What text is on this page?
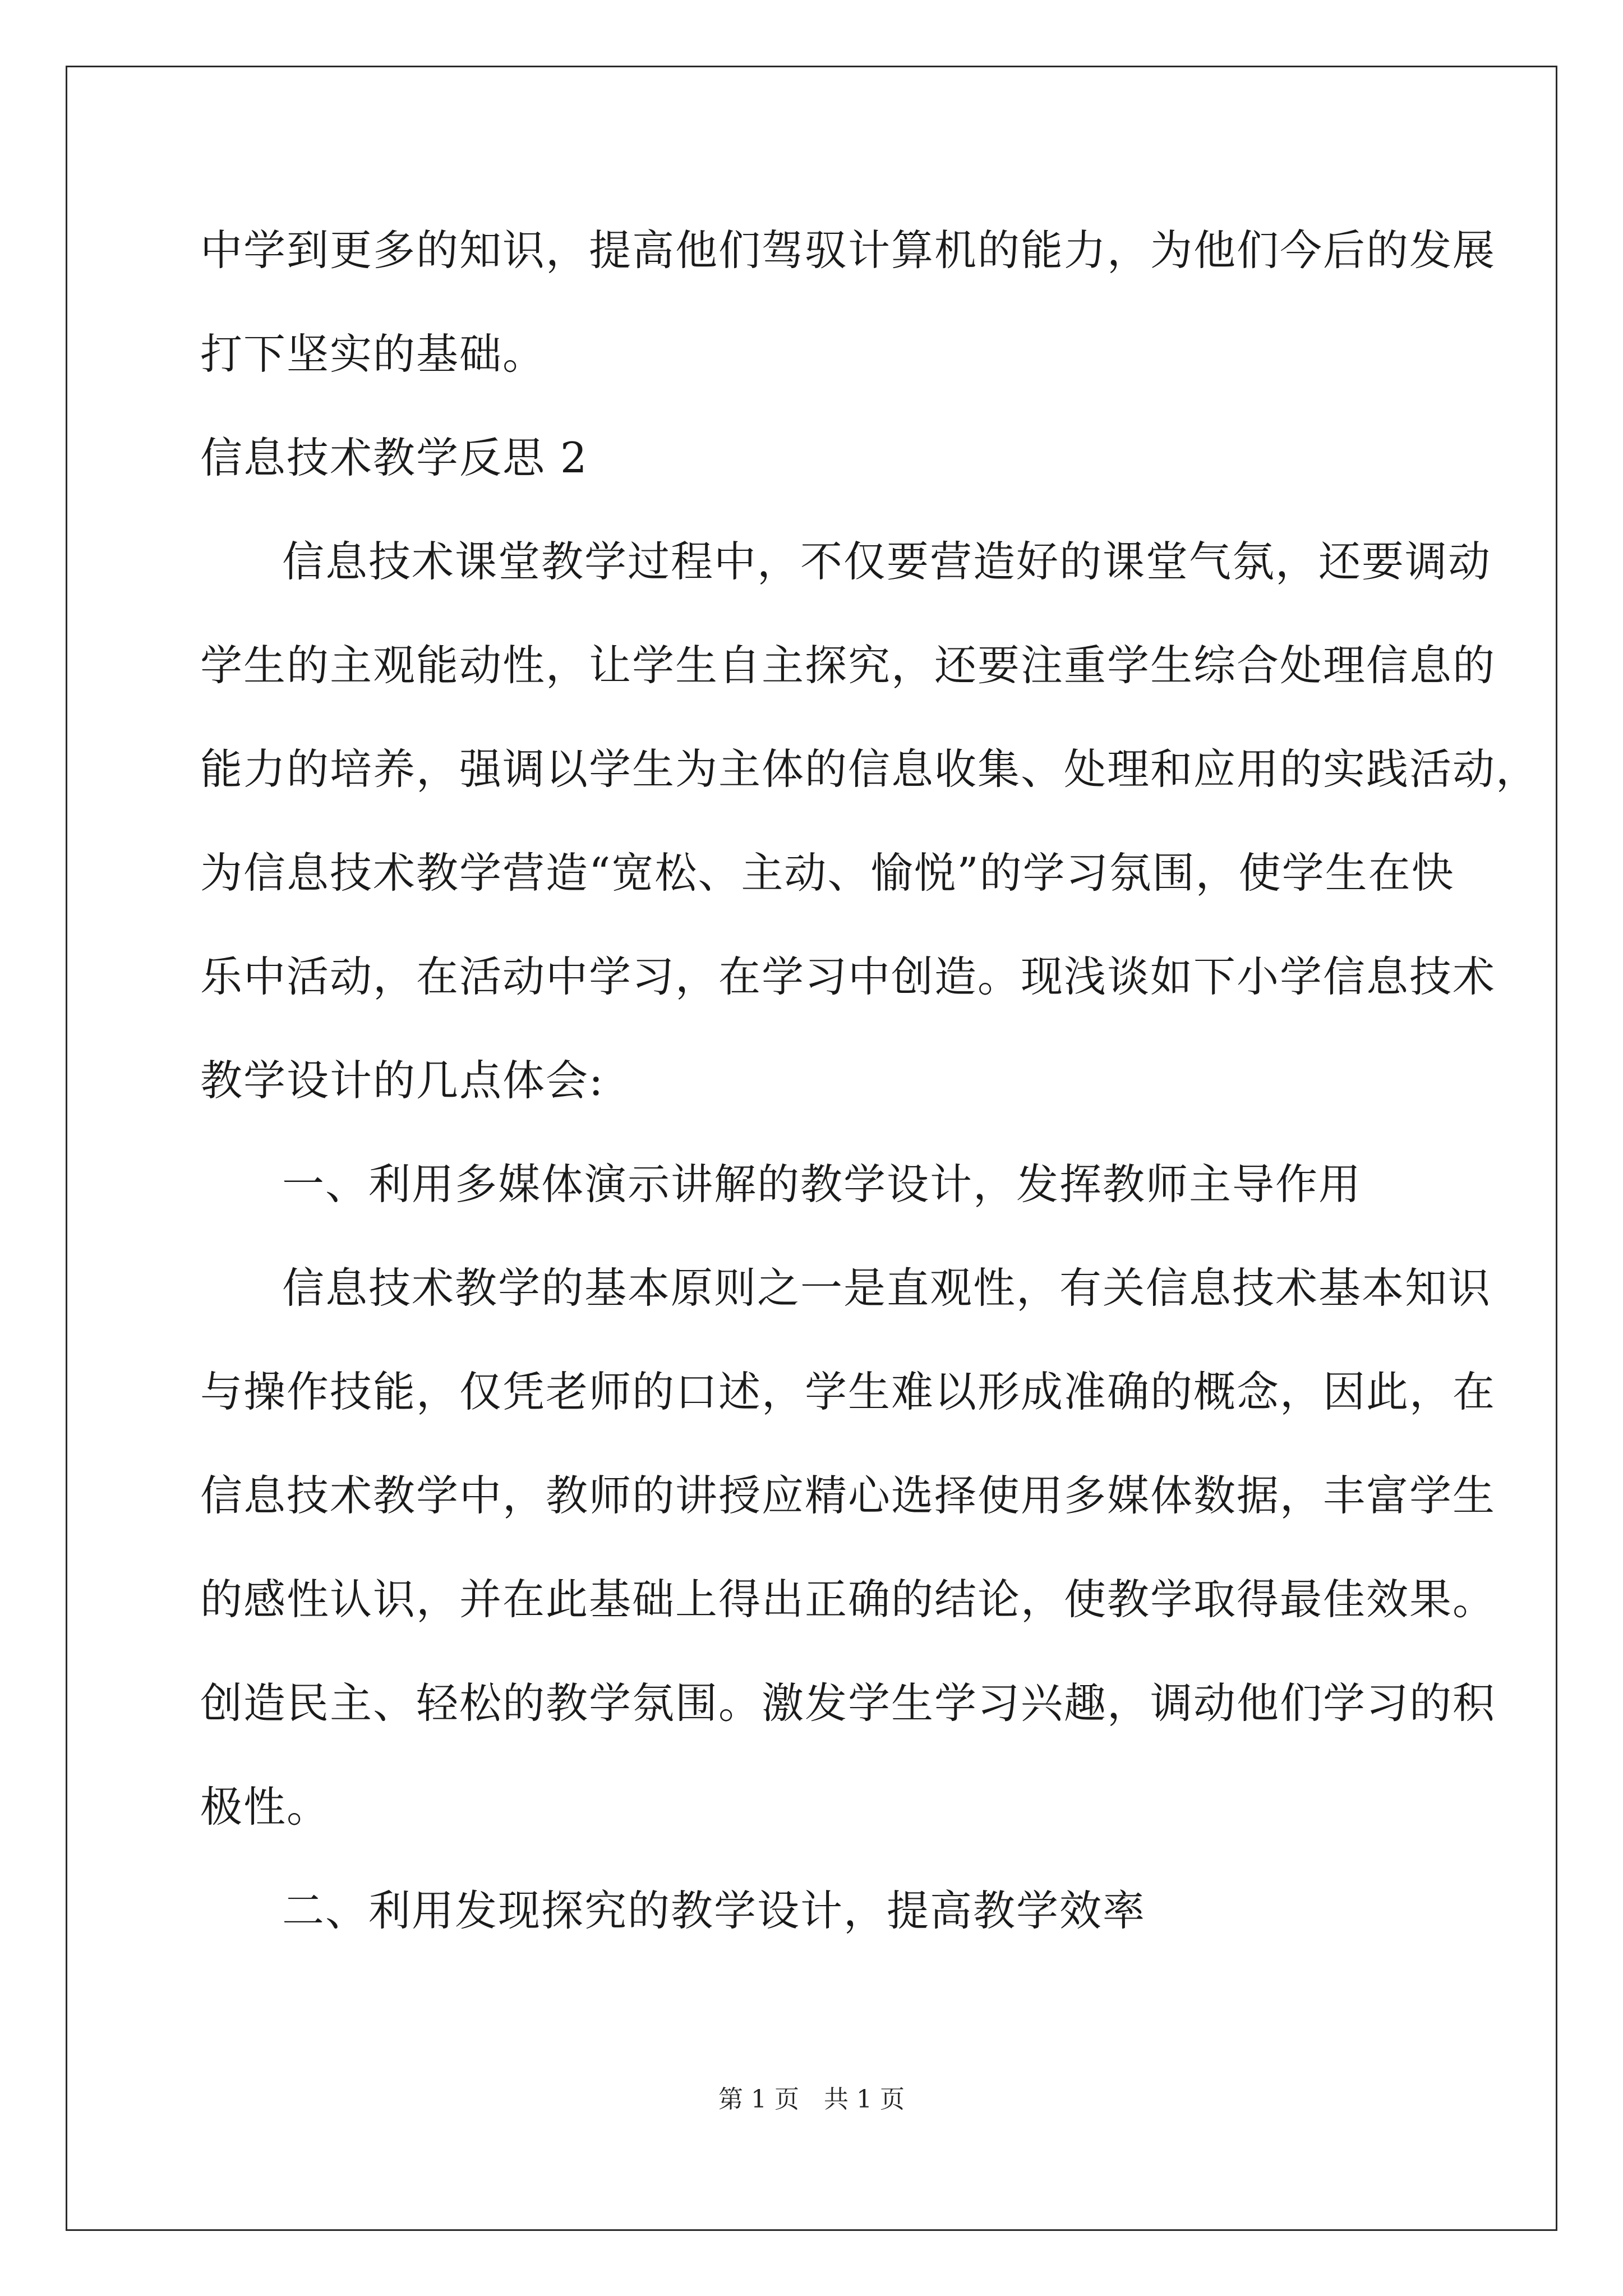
中学到更多的知识，提高他们驾驭计算机的能力，为他们今后的发展
打下坚实的基础。
信息技术教学反思 2
信息技术课堂教学过程中，不仅要营造好的课堂气氛，还要调动
学生的主观能动性，让学生自主探究，还要注重学生综合处理信息的
能力的培养，强调以学生为主体的信息收集、处理和应用的实践活动，
为信息技术教学营造“宽松、主动、愉悦”的学习氛围，使学生在快
乐中活动，在活动中学习，在学习中创造。现浅谈如下小学信息技术
教学设计的几点体会:
一、利用多媒体演示讲解的教学设计，发挥教师主导作用
信息技术教学的基本原则之一是直观性，有关信息技术基本知识
与操作技能，仅凭老师的口述，学生难以形成准确的概念，因此，在
信息技术教学中，教师的讲授应精心选择使用多媒体数据，丰富学生
的感性认识，并在此基础上得出正确的结论，使教学取得最佳效果。
创造民主、轻松的教学氛围。激发学生学习兴趣，调动他们学习的积
极性。
二、利用发现探究的教学设计，提高教学效率
第 1 页　共 1 页
